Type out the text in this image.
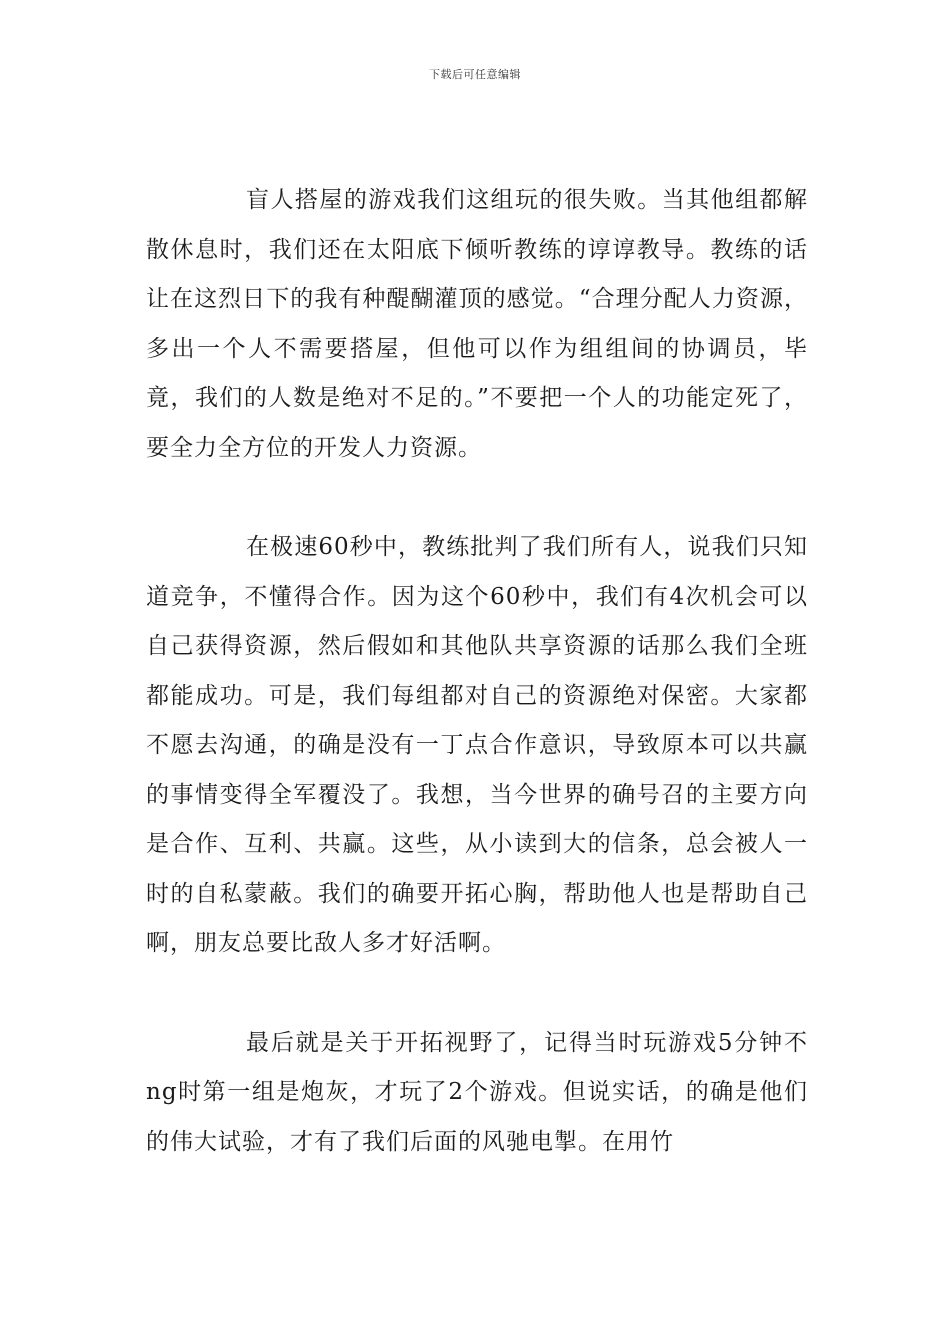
下载后可任意编辑

盲人搭屋的游戏我们这组玩的很失败。当其他组都解散休息时，我们还在太阳底下倾听教练的谆谆教导。教练的话让在这烈日下的我有种醍醐灌顶的感觉。“合理分配人力资源，多出一个人不需要搭屋，但他可以作为组组间的协调员，毕竟，我们的人数是绝对不足的。”不要把一个人的功能定死了，要全力全方位的开发人力资源。

在极速60秒中，教练批判了我们所有人，说我们只知道竞争，不懂得合作。因为这个60秒中，我们有4次机会可以自己获得资源，然后假如和其他队共享资源的话那么我们全班都能成功。可是，我们每组都对自己的资源绝对保密。大家都不愿去沟通，的确是没有一丁点合作意识，导致原本可以共赢的事情变得全军覆没了。我想，当今世界的确号召的主要方向是合作、互利、共赢。这些，从小读到大的信条，总会被人一时的自私蒙蔽。我们的确要开拓心胸，帮助他人也是帮助自己啊，朋友总要比敌人多才好活啊。

最后就是关于开拓视野了，记得当时玩游戏5分钟不ng时第一组是炮灰，才玩了2个游戏。但说实话，的确是他们的伟大试验，才有了我们后面的风驰电掣。在用竹
